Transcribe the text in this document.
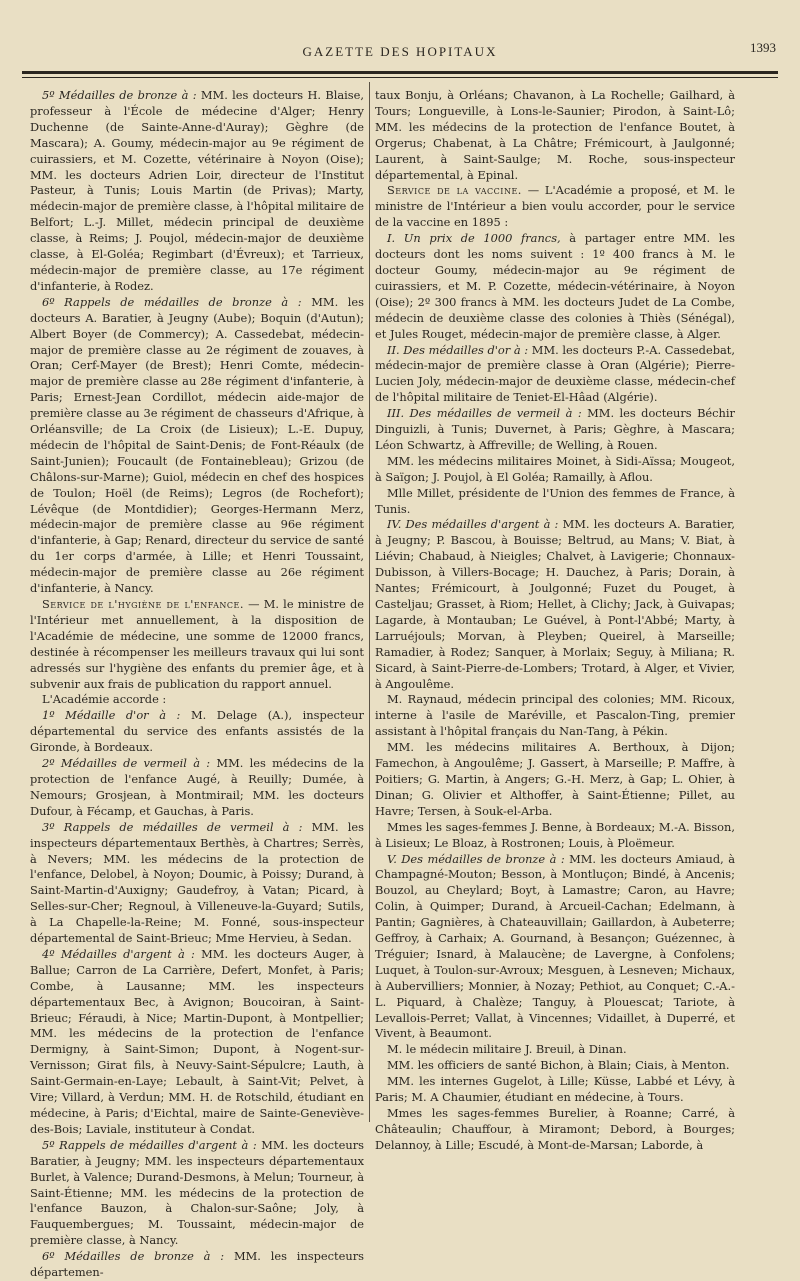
GAZETTE DES HOPITAUX	1393

5º Médailles de bronze à : MM. les docteurs H. Blaise, professeur à l'École de médecine d'Alger; Henry Duchenne (de Sainte-Anne-d'Auray); Gèghre (de Mascara); A. Goumy, médecin-major au 9e régiment de cuirassiers, et M. Cozette, vétérinaire à Noyon (Oise); MM. les docteurs Adrien Loir, directeur de l'Institut Pasteur, à Tunis; Louis Martin (de Privas); Marty, médecin-major de première classe, à l'hôpital militaire de Belfort; L.-J. Millet, médecin principal de deuxième classe, à Reims; J. Poujol, médecin-major de deuxième classe, à El-Goléa; Regimbart (d'Évreux); et Tarrieux, médecin-major de première classe, au 17e régiment d'infanterie, à Rodez.

6º Rappels de médailles de bronze à : MM. les docteurs A. Baratier, à Jeugny (Aube); Boquin (d'Autun); Albert Boyer (de Commercy); A. Cassedebat, médecin-major de première classe au 2e régiment de zouaves, à Oran; Cerf-Mayer (de Brest); Henri Comte, médecin-major de première classe au 28e régiment d'infanterie, à Paris; Ernest-Jean Cordillot, médecin aide-major de première classe au 3e régiment de chasseurs d'Afrique, à Orléansville; de La Croix (de Lisieux); L.-E. Dupuy, médecin de l'hôpital de Saint-Denis; de Font-Réaulx (de Saint-Junien); Foucault (de Fontainebleau); Grizou (de Châlons-sur-Marne); Guiol, médecin en chef des hospices de Toulon; Hoël (de Reims); Legros (de Rochefort); Lévêque (de Montdidier); Georges-Hermann Merz, médecin-major de première classe au 96e régiment d'infanterie, à Gap; Renard, directeur du service de santé du 1er corps d'armée, à Lille; et Henri Toussaint, médecin-major de première classe au 26e régiment d'infanterie, à Nancy.

Service de l'hygiène de l'enfance. — M. le ministre de l'Intérieur met annuellement, à la disposition de l'Académie de médecine, une somme de 12000 francs, destinée à récompenser les meilleurs travaux qui lui sont adressés sur l'hygiène des enfants du premier âge, et à subvenir aux frais de publication du rapport annuel.

L'Académie accorde :

1º Médaille d'or à : M. Delage (A.), inspecteur départemental du service des enfants assistés de la Gironde, à Bordeaux.

2º Médailles de vermeil à : MM. les médecins de la protection de l'enfance Augé, à Reuilly; Dumée, à Nemours; Grosjean, à Montmirail; MM. les docteurs Dufour, à Fécamp, et Gauchas, à Paris.

3º Rappels de médailles de vermeil à : MM. les inspecteurs départementaux Berthès, à Chartres; Serrès, à Nevers; MM. les médecins de la protection de l'enfance, Delobel, à Noyon; Doumic, à Poissy; Durand, à Saint-Martin-d'Auxigny; Gaudefroy, à Vatan; Picard, à Selles-sur-Cher; Regnoul, à Villeneuve-la-Guyard; Sutils, à La Chapelle-la-Reine; M. Fonné, sous-inspecteur départemental de Saint-Brieuc; Mme Hervieu, à Sedan.

4º Médailles d'argent à : MM. les docteurs Auger, à Ballue; Carron de La Carrière, Defert, Monfet, à Paris; Combe, à Lausanne; MM. les inspecteurs départementaux Bec, à Avignon; Boucoiran, à Saint-Brieuc; Féraudi, à Nice; Martin-Dupont, à Montpellier; MM. les médecins de la protection de l'enfance Dermigny, à Saint-Simon; Dupont, à Nogent-sur-Vernisson; Girat fils, à Neuvy-Saint-Sépulcre; Lauth, à Saint-Germain-en-Laye; Lebault, à Saint-Vit; Pelvet, à Vire; Villard, à Verdun; MM. H. de Rotschild, étudiant en médecine, à Paris; d'Eichtal, maire de Sainte-Geneviève-des-Bois; Laviale, instituteur à Condat.

5º Rappels de médailles d'argent à : MM. les docteurs Baratier, à Jeugny; MM. les inspecteurs départementaux Burlet, à Valence; Durand-Desmons, à Melun; Tourneur, à Saint-Étienne; MM. les médecins de la protection de l'enfance Bauzon, à Chalon-sur-Saône; Joly, à Fauquembergues; M. Toussaint, médecin-major de première classe, à Nancy.

6º Médailles de bronze à : MM. les inspecteurs départemen-

taux Bonju, à Orléans; Chavanon, à La Rochelle; Gailhard, à Tours; Longueville, à Lons-le-Saunier; Pirodon, à Saint-Lô; MM. les médecins de la protection de l'enfance Boutet, à Orgerus; Chabenat, à La Châtre; Frémicourt, à Jaulgonné; Laurent, à Saint-Saulge; M. Roche, sous-inspecteur départemental, à Epinal.

Service de la vaccine. — L'Académie a proposé, et M. le ministre de l'Intérieur a bien voulu accorder, pour le service de la vaccine en 1895 :

I. Un prix de 1000 francs, à partager entre MM. les docteurs dont les noms suivent : 1º 400 francs à M. le docteur Goumy, médecin-major au 9e régiment de cuirassiers, et M. P. Cozette, médecin-vétérinaire, à Noyon (Oise); 2º 300 francs à MM. les docteurs Judet de La Combe, médecin de deuxième classe des colonies à Thiès (Sénégal), et Jules Rouget, médecin-major de première classe, à Alger.

II. Des médailles d'or à : MM. les docteurs P.-A. Cassedebat, médecin-major de première classe à Oran (Algérie); Pierre-Lucien Joly, médecin-major de deuxième classe, médecin-chef de l'hôpital militaire de Teniet-El-Hâad (Algérie).

III. Des médailles de vermeil à : MM. les docteurs Béchir Dinguizli, à Tunis; Duvernet, à Paris; Gèghre, à Mascara; Léon Schwartz, à Affreville; de Welling, à Rouen.

MM. les médecins militaires Moinet, à Sidi-Aïssa; Mougeot, à Saïgon; J. Poujol, à El Goléa; Ramailly, à Aflou.

Mlle Millet, présidente de l'Union des femmes de France, à Tunis.

IV. Des médailles d'argent à : MM. les docteurs A. Baratier, à Jeugny; P. Bascou, à Bouisse; Beltrud, au Mans; V. Biat, à Liévin; Chabaud, à Nieigles; Chalvet, à Lavigerie; Chonnaux-Dubisson, à Villers-Bocage; H. Dauchez, à Paris; Dorain, à Nantes; Frémicourt, à Joulgonné; Fuzet du Pouget, à Casteljau; Grasset, à Riom; Hellet, à Clichy; Jack, à Guivapas; Lagarde, à Montauban; Le Guével, à Pont-l'Abbé; Marty, à Larruéjouls; Morvan, à Pleyben; Queirel, à Marseille; Ramadier, à Rodez; Sanquer, à Morlaix; Seguy, à Miliana; R. Sicard, à Saint-Pierre-de-Lombers; Trotard, à Alger, et Vivier, à Angoulême.

M. Raynaud, médecin principal des colonies; MM. Ricoux, interne à l'asile de Maréville, et Pascalon-Ting, premier assistant à l'hôpital français du Nan-Tang, à Pékin.

MM. les médecins militaires A. Berthoux, à Dijon; Famechon, à Angoulême; J. Gassert, à Marseille; P. Maffre, à Poitiers; G. Martin, à Angers; G.-H. Merz, à Gap; L. Ohier, à Dinan; G. Olivier et Althoffer, à Saint-Étienne; Pillet, au Havre; Tersen, à Souk-el-Arba.

Mmes les sages-femmes J. Benne, à Bordeaux; M.-A. Bisson, à Lisieux; Le Bloaz, à Rostronen; Louis, à Ploëmeur.

V. Des médailles de bronze à : MM. les docteurs Amiaud, à Champagné-Mouton; Besson, à Montluçon; Bindé, à Ancenis; Bouzol, au Cheylard; Boyt, à Lamastre; Caron, au Havre; Colin, à Quimper; Durand, à Arcueil-Cachan; Edelmann, à Pantin; Gagnières, à Chateauvillain; Gaillardon, à Aubeterre; Geffroy, à Carhaix; A. Gournand, à Besançon; Guézennec, à Tréguier; Isnard, à Malaucène; de Lavergne, à Confolens; Luquet, à Toulon-sur-Avroux; Mesguen, à Lesneven; Michaux, à Aubervilliers; Monnier, à Nozay; Pethiot, au Conquet; C.-A.-L. Piquard, à Chalèze; Tanguy, à Plouescat; Tariote, à Levallois-Perret; Vallat, à Vincennes; Vidaillet, à Duperré, et Vivent, à Beaumont.

M. le médecin militaire J. Breuil, à Dinan.

MM. les officiers de santé Bichon, à Blain; Ciais, à Menton.

MM. les internes Gugelot, à Lille; Küsse, Labbé et Lévy, à Paris; M. A Chaumier, étudiant en médecine, à Tours.

Mmes les sages-femmes Burelier, à Roanne; Carré, à Châteaulin; Chauffour, à Miramont; Debord, à Bourges; Delannoy, à Lille; Escudé, à Mont-de-Marsan; Laborde, à
